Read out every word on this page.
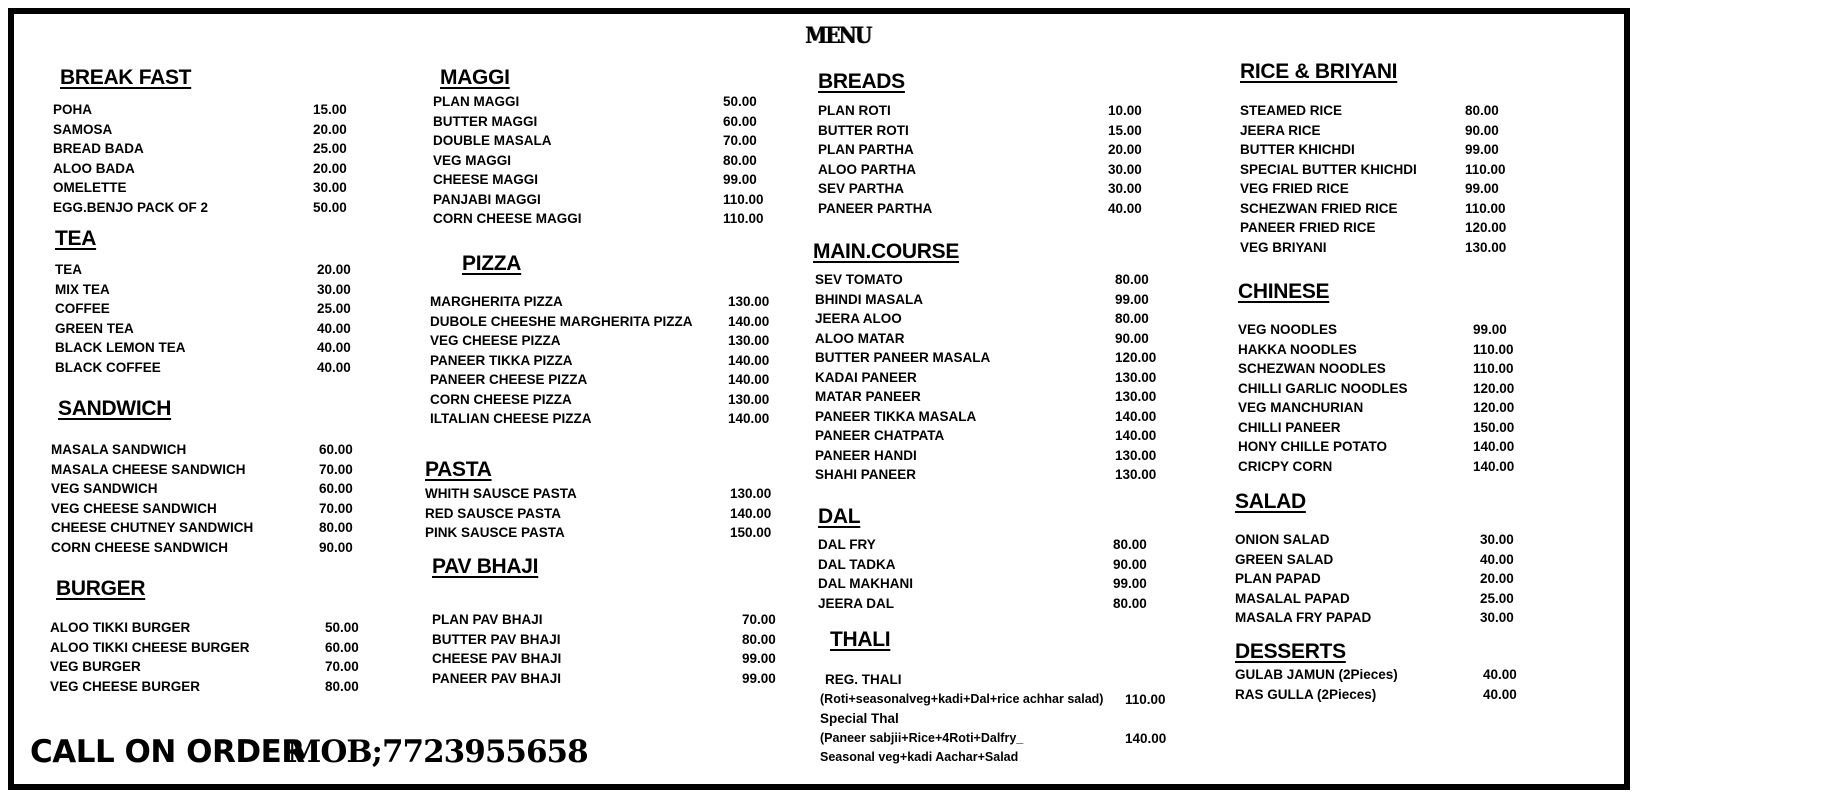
MENU
BREAK FAST
POHA	15.00
SAMOSA	20.00
BREAD BADA	25.00
ALOO BADA	20.00
OMELETTE	30.00
EGG.BENJO PACK OF 2	50.00
TEA
TEA	20.00
MIX TEA	30.00
COFFEE	25.00
GREEN TEA	40.00
BLACK LEMON TEA	40.00
BLACK COFFEE	40.00
SANDWICH
MASALA SANDWICH	60.00
MASALA CHEESE SANDWICH	70.00
VEG SANDWICH	60.00
VEG CHEESE SANDWICH	70.00
CHEESE CHUTNEY SANDWICH	80.00
CORN CHEESE SANDWICH	90.00
BURGER
ALOO TIKKI BURGER	50.00
ALOO TIKKI CHEESE BURGER	60.00
VEG BURGER	70.00
VEG CHEESE BURGER	80.00
MAGGI
PLAN MAGGI	50.00
BUTTER MAGGI	60.00
DOUBLE MASALA	70.00
VEG MAGGI	80.00
CHEESE MAGGI	99.00
PANJABI MAGGI	110.00
CORN CHEESE MAGGI	110.00
PIZZA
MARGHERITA PIZZA	130.00
DUBOLE CHEESHE MARGHERITA PIZZA	140.00
VEG CHEESE PIZZA	130.00
PANEER TIKKA PIZZA	140.00
PANEER CHEESE PIZZA	140.00
CORN CHEESE PIZZA	130.00
ILTALIAN CHEESE PIZZA	140.00
PASTA
WHITH SAUSCE PASTA	130.00
RED SAUSCE PASTA	140.00
PINK SAUSCE PASTA	150.00
PAV BHAJI
PLAN PAV BHAJI	70.00
BUTTER PAV BHAJI	80.00
CHEESE PAV BHAJI	99.00
PANEER PAV BHAJI	99.00
BREADS
PLAN ROTI	10.00
BUTTER ROTI	15.00
PLAN PARTHA	20.00
ALOO PARTHA	30.00
SEV PARTHA	30.00
PANEER PARTHA	40.00
MAIN.COURSE
SEV TOMATO	80.00
BHINDI MASALA	99.00
JEERA ALOO	80.00
ALOO MATAR	90.00
BUTTER PANEER MASALA	120.00
KADAI PANEER	130.00
MATAR PANEER	130.00
PANEER TIKKA MASALA	140.00
PANEER CHATPATA	140.00
PANEER HANDI	130.00
SHAHI PANEER	130.00
DAL
DAL FRY	80.00
DAL TADKA	90.00
DAL MAKHANI	99.00
JEERA DAL	80.00
RICE & BRIYANI
STEAMED RICE	80.00
JEERA RICE	90.00
BUTTER KHICHDI	99.00
SPECIAL BUTTER KHICHDI	110.00
VEG FRIED RICE	99.00
SCHEZWAN FRIED RICE	110.00
PANEER FRIED RICE	120.00
VEG BRIYANI	130.00
CHINESE
VEG NOODLES	99.00
HAKKA NOODLES	110.00
SCHEZWAN NOODLES	110.00
CHILLI GARLIC NOODLES	120.00
VEG MANCHURIAN	120.00
CHILLI PANEER	150.00
HONY CHILLE POTATO	140.00
CRICPY CORN	140.00
SALAD
ONION SALAD	30.00
GREEN SALAD	40.00
PLAN PAPAD	20.00
MASALAL PAPAD	25.00
MASALA FRY PAPAD	30.00
DESSERTS
GULAB JAMUN (2Pieces)	40.00
RAS GULLA (2Pieces)	40.00
THALI
REG. THALI
(Roti+seasonalveg+kadi+Dal+rice achhar salad) 110.00
Special Thal
(Paneer sabjii+Rice+4Roti+Dalfry_	140.00
Seasonal veg+kadi Aachar+Salad
CALL ON ORDER
MOB;7723955658
